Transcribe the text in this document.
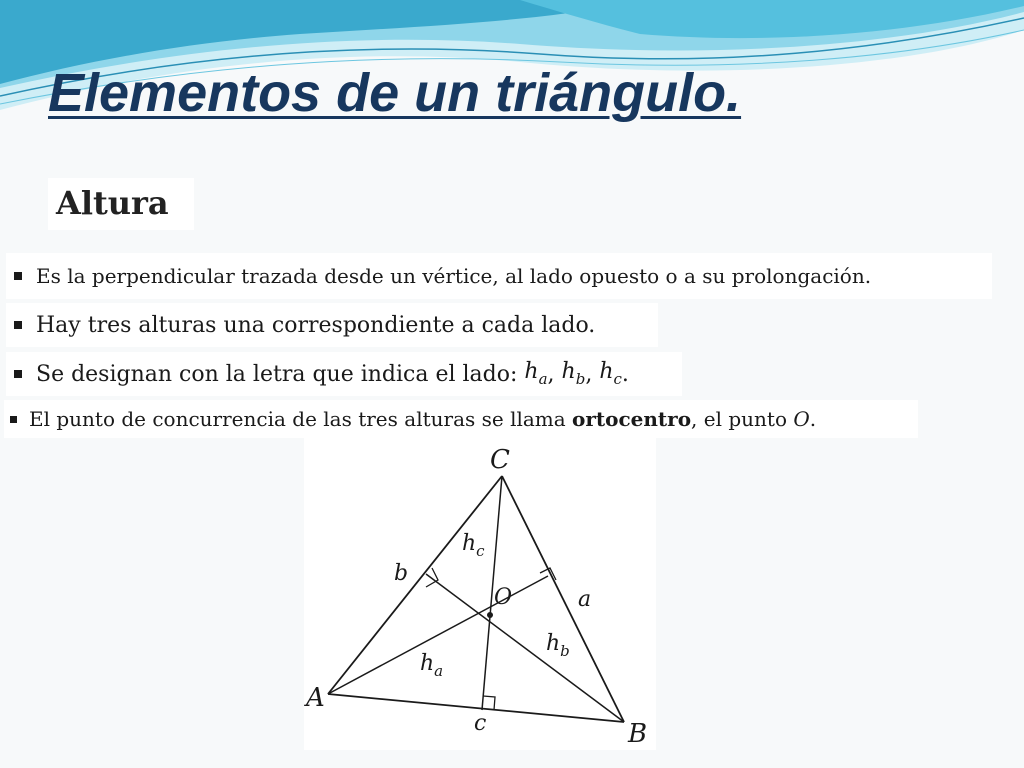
Elementos de un triángulo.
Altura
Es la perpendicular trazada desde un vértice, al lado opuesto o a su prolongación.
Hay tres alturas una correspondiente a cada lado.
Se designan con la letra que indica el lado: $h_a$ , $h_b$ , $h_c$ .
El punto de concurrencia de las tres alturas se llama ortocentro , el punto O .
C
A
B
b
a
c
O
$h_c$
$h_a$
$h_b$
